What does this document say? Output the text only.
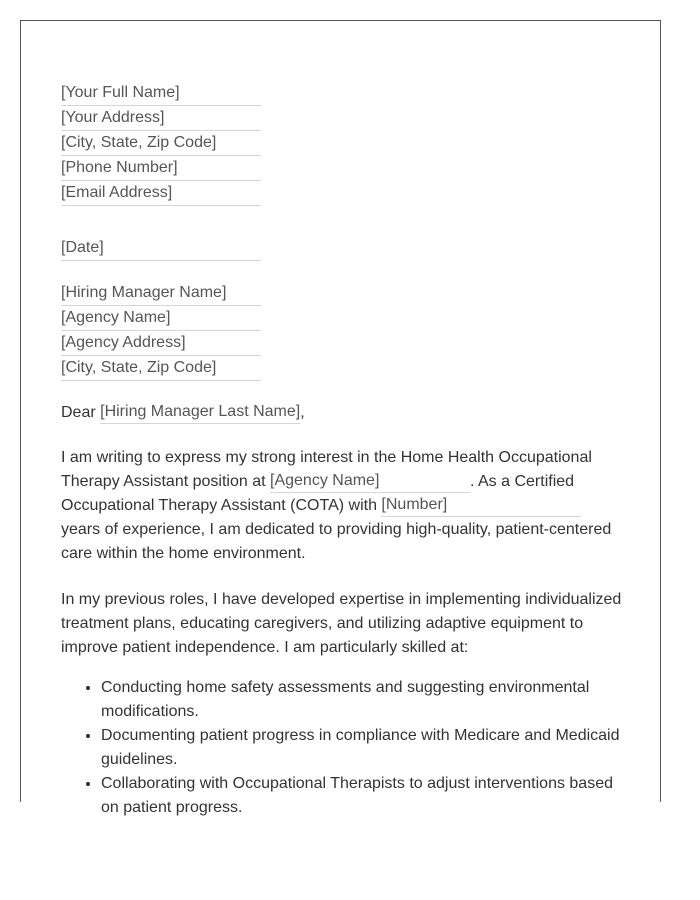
[Your Full Name]
[Your Address]
[City, State, Zip Code]
[Phone Number]
[Email Address]
[Date]
[Hiring Manager Name]
[Agency Name]
[Agency Address]
[City, State, Zip Code]
Dear [Hiring Manager Last Name],
I am writing to express my strong interest in the Home Health Occupational
Therapy Assistant position at [Agency Name]	. As a Certified
Occupational Therapy Assistant (COTA) with [Number]
years of experience, I am dedicated to providing high-quality, patient-centered
care within the home environment.

In my previous roles, I have developed expertise in implementing individualized treatment plans, educating caregivers, and utilizing adaptive equipment to improve patient independence. I am particularly skilled at:

• Conducting home safety assessments and suggesting environmental modifications.
• Documenting patient progress in compliance with Medicare and Medicaid guidelines.
• Collaborating with Occupational Therapists to adjust interventions based on patient progress.
